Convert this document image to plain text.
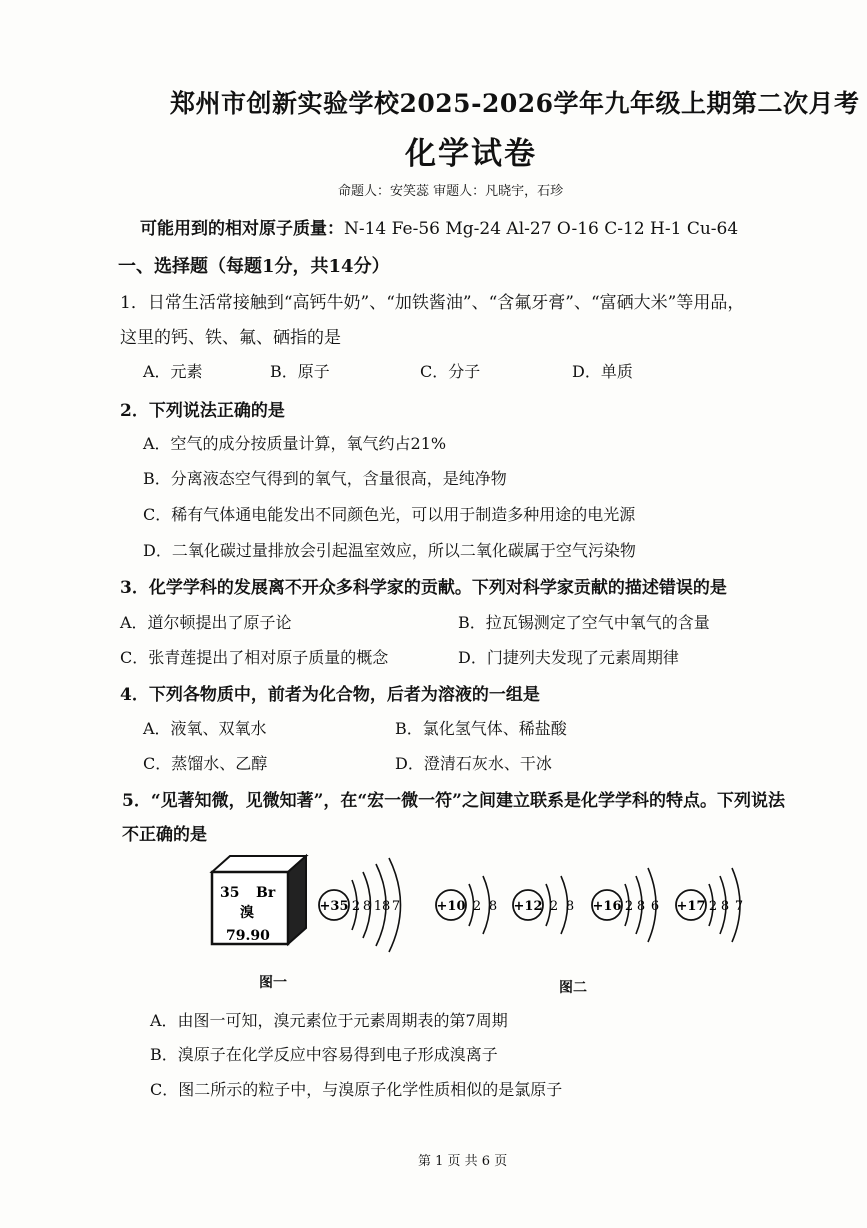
郑州市创新实验学校2025-2026学年九年级上期第二次月考
化学试卷
命题人：安笑蕊 审题人：凡晓宇，石珍
可能用到的相对原子质量：N-14 Fe-56 Mg-24 Al-27 O-16 C-12 H-1 Cu-64
一、选择题（每题1分，共14分）
1．日常生活常接触到“高钙牛奶”、“加铁酱油”、“含氟牙膏”、“富硒大米”等用品，
这里的钙、铁、氟、硒指的是
A．元素	B．原子	C．分子	D．单质
2．下列说法正确的是
A．空气的成分按质量计算，氧气约占21%
B．分离液态空气得到的氧气，含量很高，是纯净物
C．稀有气体通电能发出不同颜色光，可以用于制造多种用途的电光源
D．二氧化碳过量排放会引起温室效应，所以二氧化碳属于空气污染物
3．化学学科的发展离不开众多科学家的贡献。下列对科学家贡献的描述错误的是
A．道尔顿提出了原子论	B．拉瓦锡测定了空气中氧气的含量
C．张青莲提出了相对原子质量的概念	D．门捷列夫发现了元素周期律
4．下列各物质中，前者为化合物，后者为溶液的一组是
A．液氧、双氧水	B．氯化氢气体、稀盐酸
C．蒸馏水、乙醇	D．澄清石灰水、干冰
5．“见著知微，见微知著”，在“宏一微一符”之间建立联系是化学学科的特点。下列说法
不正确的是
35 Br
溴
79.90
+35 2 8 18 7	+10 2 8 +12 2 8 +16 2 8 6 +17 2 8 7
图一	图二
A．由图一可知，溴元素位于元素周期表的第7周期
B．溴原子在化学反应中容易得到电子形成溴离子
C．图二所示的粒子中，与溴原子化学性质相似的是氯原子
第 1 页 共 6 页
